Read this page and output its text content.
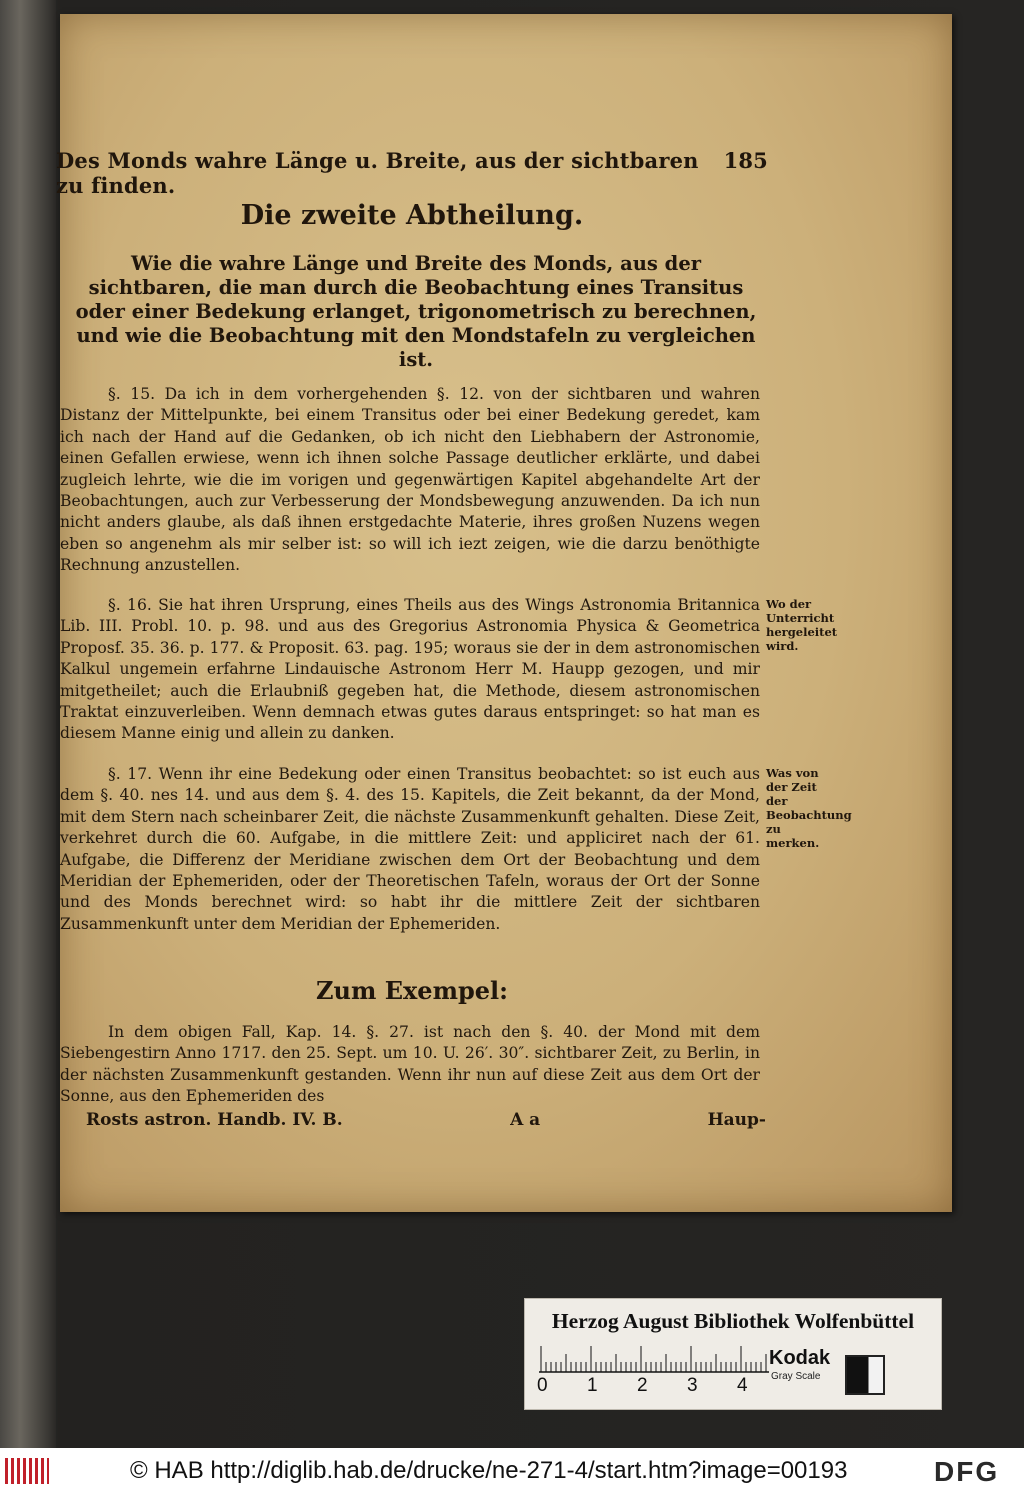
Des Monds wahre Länge u. Breite, aus der sichtbaren zu finden.
185
Die zweite Abtheilung.
Wie die wahre Länge und Breite des Monds, aus der sichtbaren, die man durch die Beobachtung eines Transitus oder einer Bedekung erlanget, trigonometrisch zu berechnen, und wie die Beobachtung mit den Mondstafeln zu vergleichen ist.

§. 15. Da ich in dem vorhergehenden §. 12. von der sichtbaren und wahren Distanz der Mittelpunkte, bei einem Transitus oder bei einer Bedekung geredet, kam ich nach der Hand auf die Gedanken, ob ich nicht den Liebhabern der Astronomie, einen Gefallen erwiese, wenn ich ihnen solche Passage deutlicher erklärte, und dabei zugleich lehrte, wie die im vorigen und gegenwärtigen Kapitel abgehandelte Art der Beobachtungen, auch zur Verbesserung der Mondsbewegung anzuwenden. Da ich nun nicht anders glaube, als daß ihnen erstgedachte Materie, ihres großen Nuzens wegen eben so angenehm als mir selber ist: so will ich iezt zeigen, wie die darzu benöthigte Rechnung anzustellen.

§. 16. Sie hat ihren Ursprung, eines Theils aus des Wings Astronomia Britannica Lib. III. Probl. 10. p. 98. und aus des Gregorius Astronomia Physica & Geometrica Proposf. 35. 36. p. 177. & Proposit. 63. pag. 195; woraus sie der in dem astronomischen Kalkul ungemein erfahrne Lindauische Astronom Herr M. Haupp gezogen, und mir mitgetheilet; auch die Erlaubniß gegeben hat, die Methode, diesem astronomischen Traktat einzuverleiben. Wenn demnach etwas gutes daraus entspringet: so hat man es diesem Manne einig und allein zu danken.

Wo der Unterricht hergeleitet wird.

§. 17. Wenn ihr eine Bedekung oder einen Transitus beobachtet: so ist euch aus dem §. 40. nes 14. und aus dem §. 4. des 15. Kapitels, die Zeit bekannt, da der Mond, mit dem Stern nach scheinbarer Zeit, die nächste Zusammenkunft gehalten. Diese Zeit, verkehret durch die 60. Aufgabe, in die mittlere Zeit: und appliciret nach der 61. Aufgabe, die Differenz der Meridiane zwischen dem Ort der Beobachtung und dem Meridian der Ephemeriden, oder der Theoretischen Tafeln, woraus der Ort der Sonne und des Monds berechnet wird: so habt ihr die mittlere Zeit der sichtbaren Zusammenkunft unter dem Meridian der Ephemeriden.

Was von der Zeit der Beobachtung zu merken.
Zum Exempel:

In dem obigen Fall, Kap. 14. §. 27. ist nach den §. 40. der Mond mit dem Siebengestirn Anno 1717. den 25. Sept. um 10. U. 26′. 30″. sichtbarer Zeit, zu Berlin, in der nächsten Zusammenkunft gestanden. Wenn ihr nun auf diese Zeit aus dem Ort der Sonne, aus den Ephemeriden des

Rosts astron. Handb. IV. B.	A a	Haup-
Herzog August Bibliothek Wolfenbüttel
0 1 2 3 4
Kodak
Gray Scale
© HAB http://diglib.hab.de/drucke/ne-271-4/start.htm?image=00193	DFG
